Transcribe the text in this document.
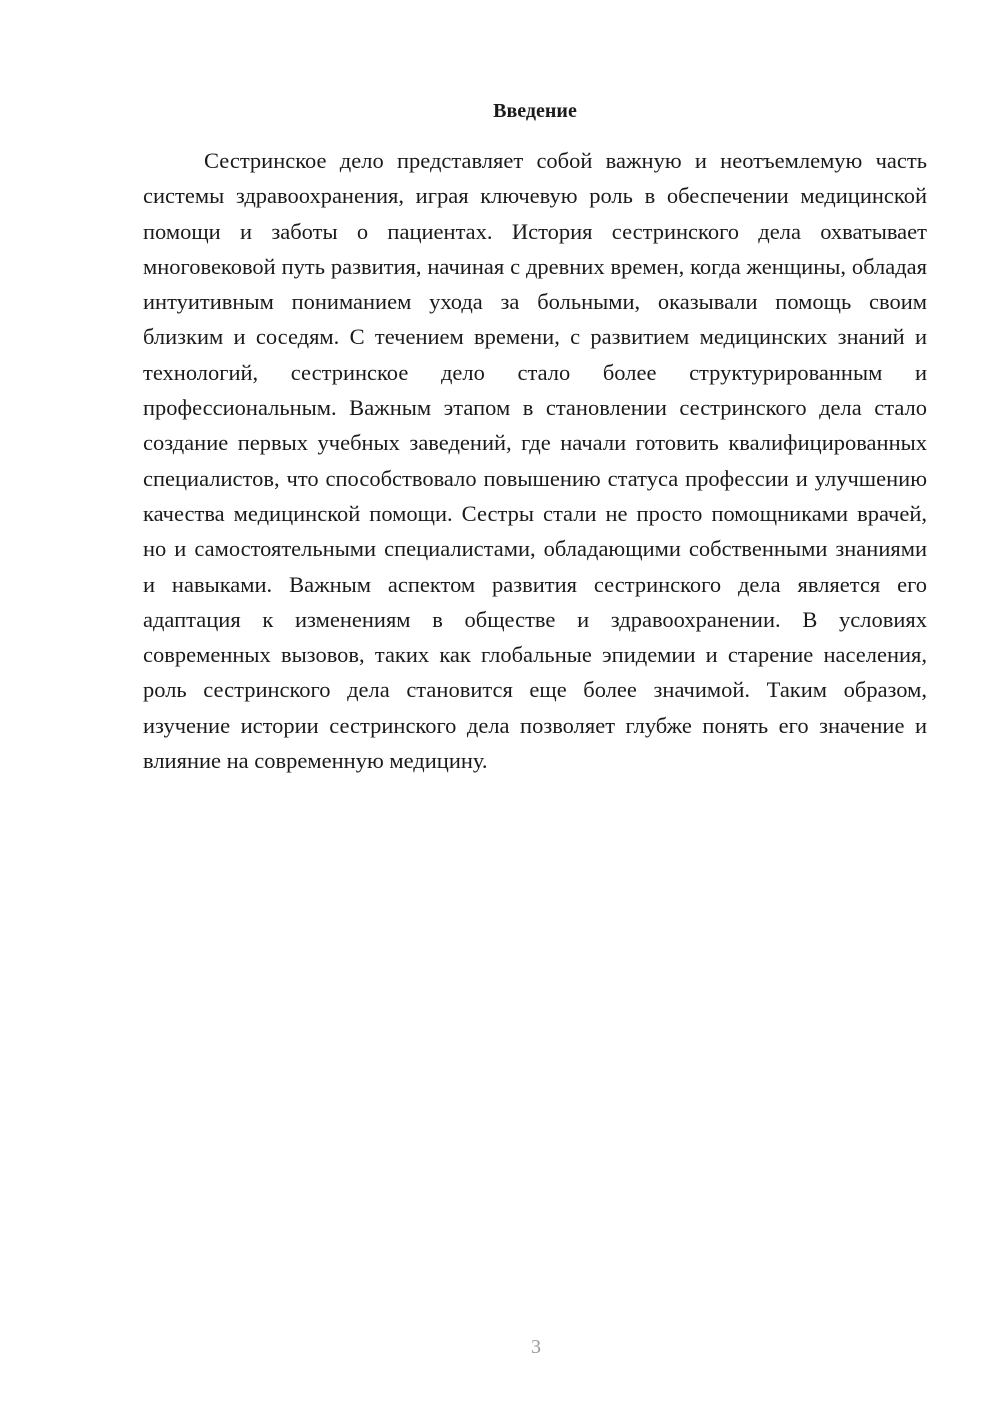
Введение

Сестринское дело представляет собой важную и неотъемлемую часть системы здравоохранения, играя ключевую роль в обеспечении медицинской помощи и заботы о пациентах. История сестринского дела охватывает многовековой путь развития, начиная с древних времен, когда женщины, обладая интуитивным пониманием ухода за больными, оказывали помощь своим близким и соседям. С течением времени, с развитием медицинских знаний и технологий, сестринское дело стало более структурированным и профессиональным. Важным этапом в становлении сестринского дела стало создание первых учебных заведений, где начали готовить квалифицированных специалистов, что способствовало повышению статуса профессии и улучшению качества медицинской помощи. Сестры стали не просто помощниками врачей, но и самостоятельными специалистами, обладающими собственными знаниями и навыками. Важным аспектом развития сестринского дела является его адаптация к изменениям в обществе и здравоохранении. В условиях современных вызовов, таких как глобальные эпидемии и старение населения, роль сестринского дела становится еще более значимой. Таким образом, изучение истории сестринского дела позволяет глубже понять его значение и влияние на современную медицину.

3
